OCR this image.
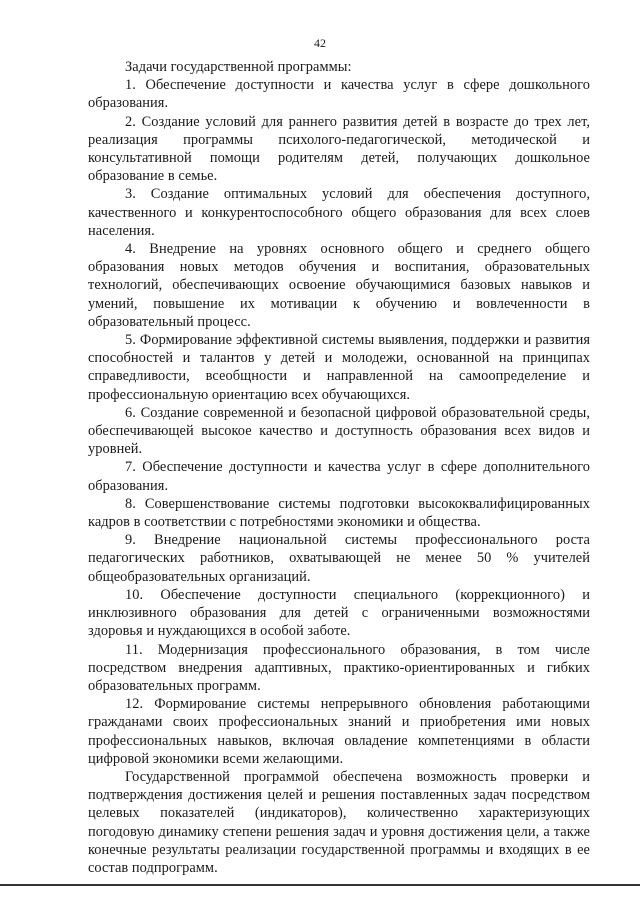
42

Задачи государственной программы:

1. Обеспечение доступности и качества услуг в сфере дошкольного образования.

2. Создание условий для раннего развития детей в возрасте до трех лет, реализация программы психолого-педагогической, методической и консультативной помощи родителям детей, получающих дошкольное образование в семье.

3. Создание оптимальных условий для обеспечения доступного, качественного и конкурентоспособного общего образования для всех слоев населения.

4. Внедрение на уровнях основного общего и среднего общего образования новых методов обучения и воспитания, образовательных технологий, обеспечивающих освоение обучающимися базовых навыков и умений, повышение их мотивации к обучению и вовлеченности в образовательный процесс.

5. Формирование эффективной системы выявления, поддержки и развития способностей и талантов у детей и молодежи, основанной на принципах справедливости, всеобщности и направленной на самоопределение и профессиональную ориентацию всех обучающихся.

6. Создание современной и безопасной цифровой образовательной среды, обеспечивающей высокое качество и доступность образования всех видов и уровней.

7. Обеспечение доступности и качества услуг в сфере дополнительного образования.

8. Совершенствование системы подготовки высококвалифицированных кадров в соответствии с потребностями экономики и общества.

9. Внедрение национальной системы профессионального роста педагогических работников, охватывающей не менее 50 % учителей общеобразовательных организаций.

10. Обеспечение доступности специального (коррекционного) и инклюзивного образования для детей с ограниченными возможностями здоровья и нуждающихся в особой заботе.

11. Модернизация профессионального образования, в том числе посредством внедрения адаптивных, практико-ориентированных и гибких образовательных программ.

12. Формирование системы непрерывного обновления работающими гражданами своих профессиональных знаний и приобретения ими новых профессиональных навыков, включая овладение компетенциями в области цифровой экономики всеми желающими.

Государственной программой обеспечена возможность проверки и подтверждения достижения целей и решения поставленных задач посредством целевых показателей (индикаторов), количественно характеризующих погодовую динамику степени решения задач и уровня достижения цели, а также конечные результаты реализации государственной программы и входящих в ее состав подпрограмм.
